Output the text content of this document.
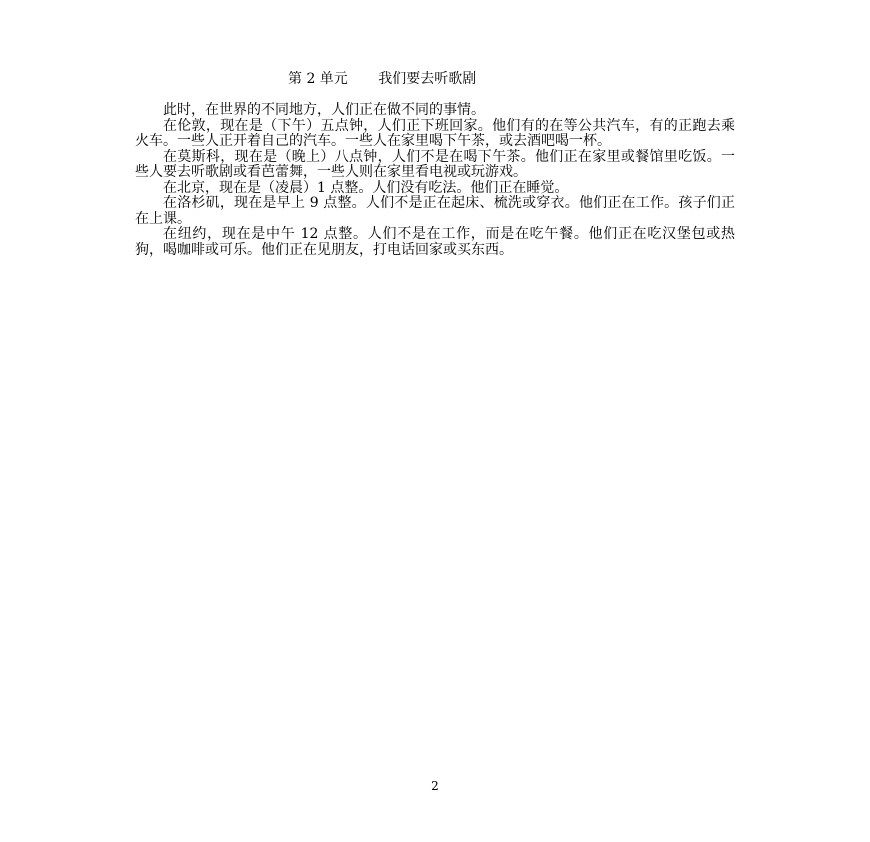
第 2 单元 我们要去听歌剧

此时，在世界的不同地方，人们正在做不同的事情。

在伦敦，现在是（下午）五点钟，人们正下班回家。他们有的在等公共汽车，有的正跑去乘火车。一些人正开着自己的汽车。一些人在家里喝下午茶，或去酒吧喝一杯。

在莫斯科，现在是（晚上）八点钟，人们不是在喝下午茶。他们正在家里或餐馆里吃饭。一些人要去听歌剧或看芭蕾舞，一些人则在家里看电视或玩游戏。

在北京，现在是（凌晨）1 点整。人们没有吃法。他们正在睡觉。

在洛杉矶，现在是早上 9 点整。人们不是正在起床、梳洗或穿衣。他们正在工作。孩子们正在上课。

在纽约，现在是中午 12 点整。人们不是在工作，而是在吃午餐。他们正在吃汉堡包或热狗，喝咖啡或可乐。他们正在见朋友，打电话回家或买东西。

2
